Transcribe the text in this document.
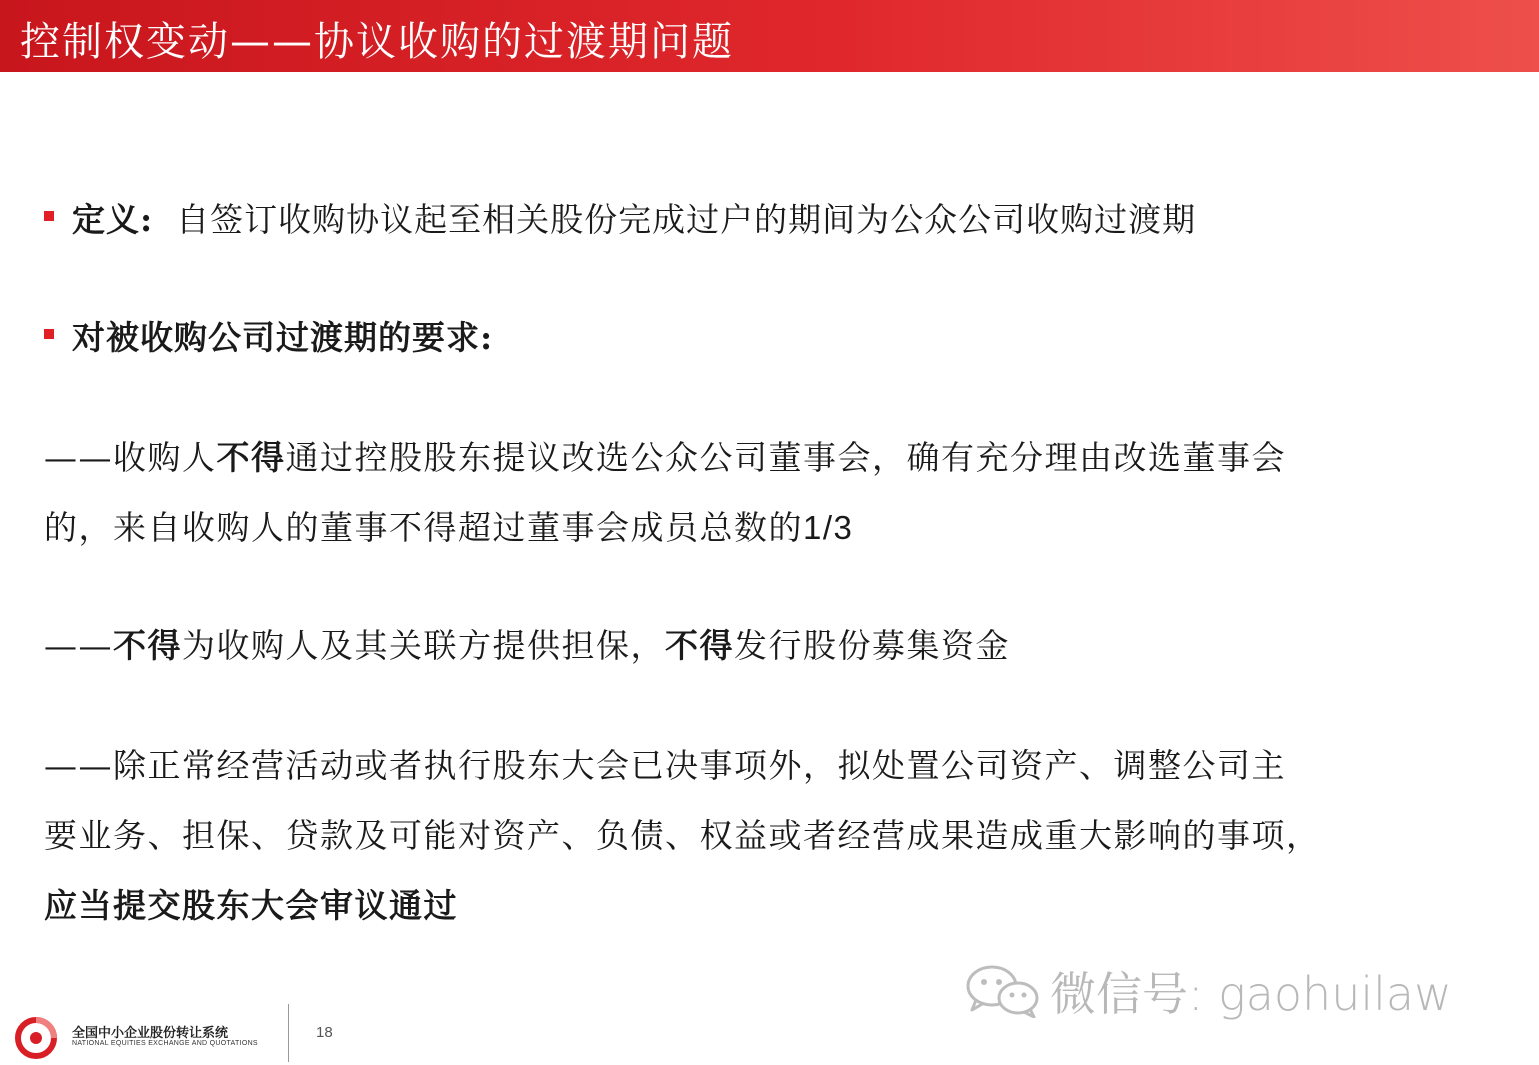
控制权变动——协议收购的过渡期问题
定义: 自签订收购协议起至相关股份完成过户的期间为公众公司收购过渡期
对被收购公司过渡期的要求:
——收购人不得通过控股股东提议改选公众公司董事会，确有充分理由改选董事会
的，来自收购人的董事不得超过董事会成员总数的1/3
——不得为收购人及其关联方提供担保，不得发行股份募集资金
——除正常经营活动或者执行股东大会已决事项外，拟处置公司资产、调整公司主
要业务、担保、贷款及可能对资产、负债、权益或者经营成果造成重大影响的事项，
应当提交股东大会审议通过
微信号: gaohuilaw
全国中小企业股份转让系统
NATIONAL EQUITIES EXCHANGE AND QUOTATIONS
18
